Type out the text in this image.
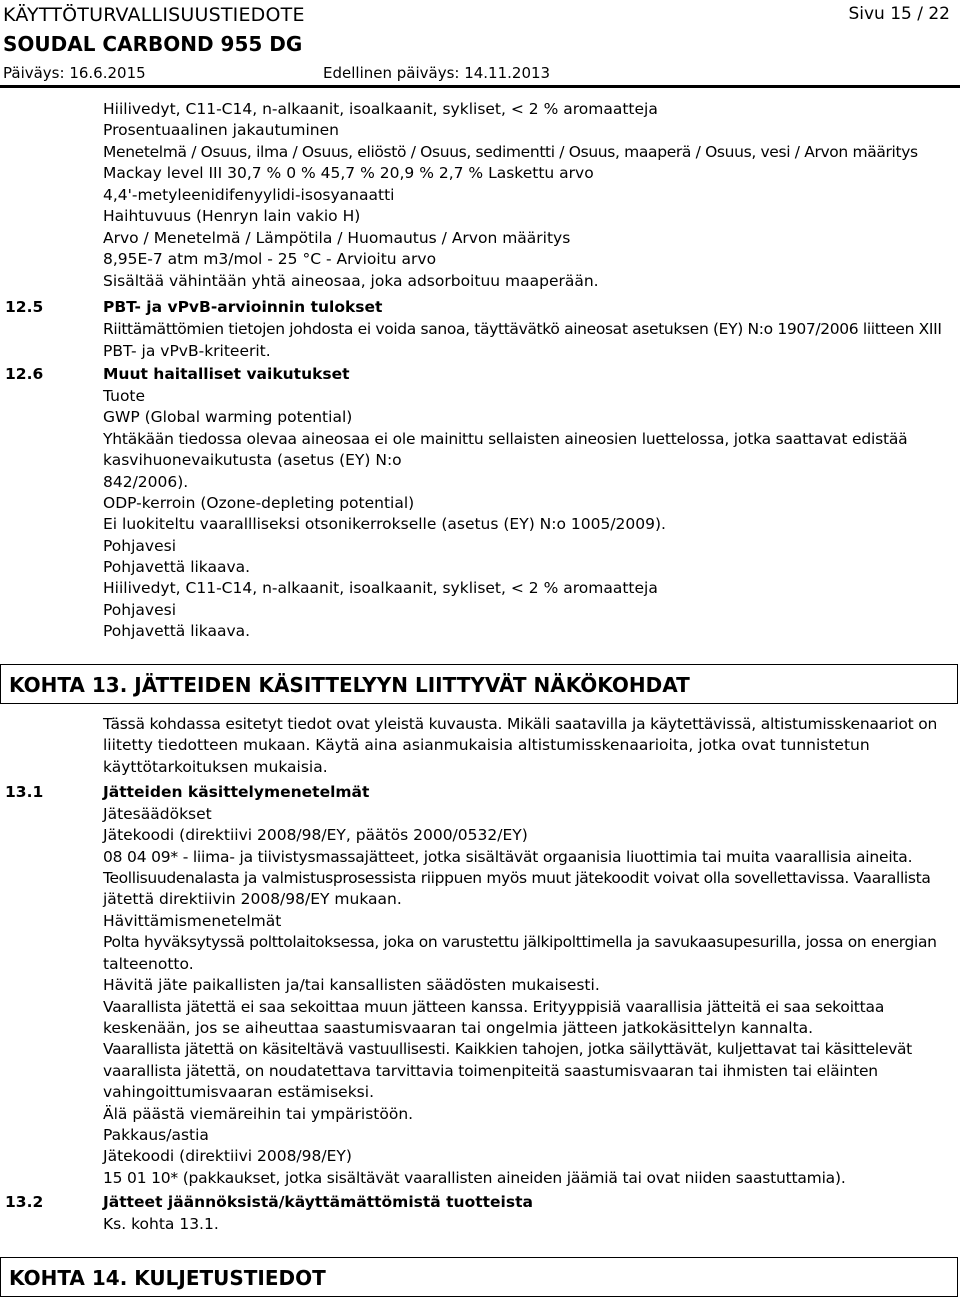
KÄYTTÖTURVALLISUUSTIEDOTE	Sivu 15 / 22
SOUDAL CARBOND 955 DG
Päiväys: 16.6.2015	Edellinen päiväys: 14.11.2013
Hiilivedyt, C11-C14, n-alkaanit, isoalkaanit, sykliset, < 2 % aromaatteja
Prosentuaalinen jakautuminen
Menetelmä / Osuus, ilma / Osuus, eliöstö / Osuus, sedimentti / Osuus, maaperä / Osuus, vesi / Arvon määritys
Mackay level III 30,7 % 0 % 45,7 % 20,9 % 2,7 % Laskettu arvo
4,4'-metyleenidifenyylidi-isosyanaatti
Haihtuvuus (Henryn lain vakio H)
Arvo / Menetelmä / Lämpötila / Huomautus / Arvon määritys
8,95E-7 atm m3/mol - 25 °C - Arvioitu arvo
Sisältää vähintään yhtä aineosaa, joka adsorboituu maaperään.
12.5	PBT- ja vPvB-arvioinnin tulokset
Riittämättömien tietojen johdosta ei voida sanoa, täyttävätkö aineosat asetuksen (EY) N:o 1907/2006 liitteen XIII
PBT- ja vPvB-kriteerit.
12.6	Muut haitalliset vaikutukset
Tuote
GWP (Global warming potential)
Yhtäkään tiedossa olevaa aineosaa ei ole mainittu sellaisten aineosien luettelossa, jotka saattavat edistää
kasvihuonevaikutusta (asetus (EY) N:o
842/2006).
ODP-kerroin (Ozone-depleting potential)
Ei luokiteltu vaarallliseksi otsonikerrokselle (asetus (EY) N:o 1005/2009).
Pohjavesi
Pohjavettä likaava.
Hiilivedyt, C11-C14, n-alkaanit, isoalkaanit, sykliset, < 2 % aromaatteja
Pohjavesi
Pohjavettä likaava.
KOHTA 13. JÄTTEIDEN KÄSITTELYYN LIITTYVÄT NÄKÖKOHDAT
Tässä kohdassa esitetyt tiedot ovat yleistä kuvausta. Mikäli saatavilla ja käytettävissä, altistumisskenaariot on
liitetty tiedotteen mukaan. Käytä aina asianmukaisia altistumisskenaarioita, jotka ovat tunnistetun
käyttötarkoituksen mukaisia.
13.1	Jätteiden käsittelymenetelmät
Jätesäädökset
Jätekoodi (direktiivi 2008/98/EY, päätös 2000/0532/EY)
08 04 09* - liima- ja tiivistysmassajätteet, jotka sisältävät orgaanisia liuottimia tai muita vaarallisia aineita.
Teollisuudenalasta ja valmistusprosessista riippuen myös muut jätekoodit voivat olla sovellettavissa. Vaarallista
jätettä direktiivin 2008/98/EY mukaan.
Hävittämismenetelmät
Polta hyväksytyssä polttolaitoksessa, joka on varustettu jälkipolttimella ja savukaasupesurilla, jossa on energian
talteenotto.
Hävitä jäte paikallisten ja/tai kansallisten säädösten mukaisesti.
Vaarallista jätettä ei saa sekoittaa muun jätteen kanssa. Erityyppisiä vaarallisia jätteitä ei saa sekoittaa
keskenään, jos se aiheuttaa saastumisvaaran tai ongelmia jätteen jatkokäsittelyn kannalta.
Vaarallista jätettä on käsiteltävä vastuullisesti. Kaikkien tahojen, jotka säilyttävät, kuljettavat tai käsittelevät
vaarallista jätettä, on noudatettava tarvittavia toimenpiteitä saastumisvaaran tai ihmisten tai eläinten
vahingoittumisvaaran estämiseksi.
Älä päästä viemäreihin tai ympäristöön.
Pakkaus/astia
Jätekoodi (direktiivi 2008/98/EY)
15 01 10* (pakkaukset, jotka sisältävät vaarallisten aineiden jäämiä tai ovat niiden saastuttamia).
13.2	Jätteet jäännöksistä/käyttämättömistä tuotteista
Ks. kohta 13.1.
KOHTA 14. KULJETUSTIEDOT
